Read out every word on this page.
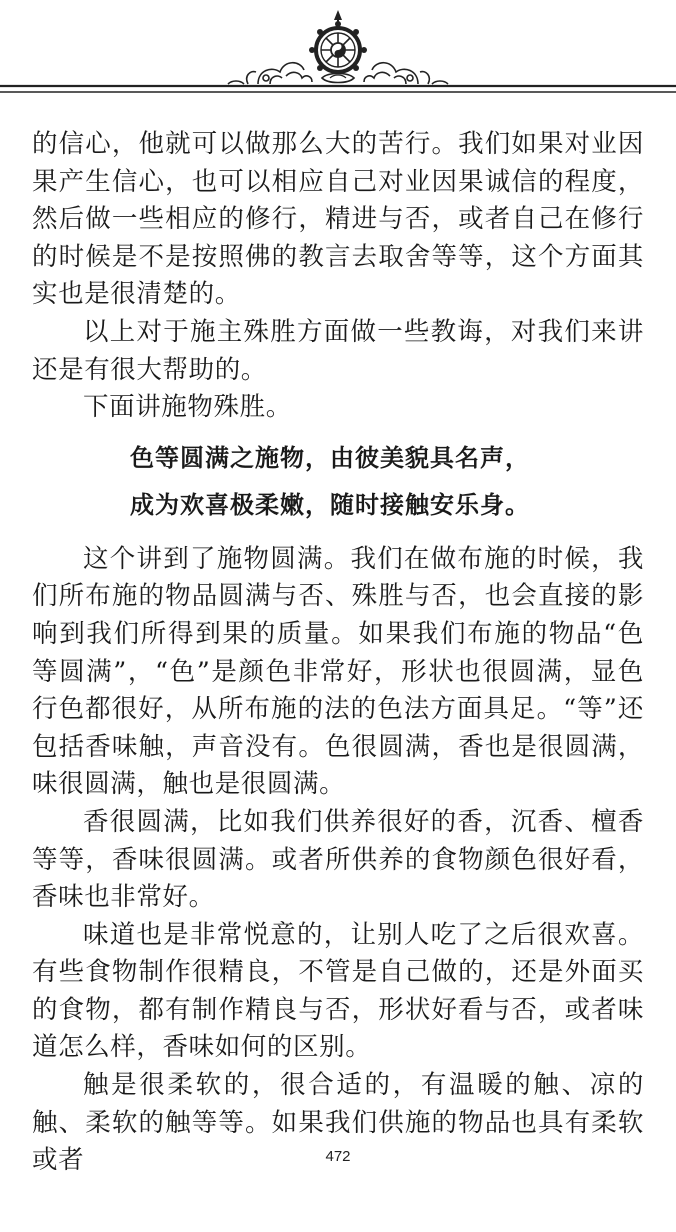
的信心，他就可以做那么大的苦行。我们如果对业因果产生信心，也可以相应自己对业因果诚信的程度，然后做一些相应的修行，精进与否，或者自己在修行的时候是不是按照佛的教言去取舍等等，这个方面其实也是很清楚的。

以上对于施主殊胜方面做一些教诲，对我们来讲还是有很大帮助的。

下面讲施物殊胜。

色等圆满之施物，由彼美貌具名声，

成为欢喜极柔嫩，随时接触安乐身。

这个讲到了施物圆满。我们在做布施的时候，我们所布施的物品圆满与否、殊胜与否，也会直接的影响到我们所得到果的质量。如果我们布施的物品“色等圆满”，“色”是颜色非常好，形状也很圆满，显色行色都很好，从所布施的法的色法方面具足。“等”还包括香味触，声音没有。色很圆满，香也是很圆满，味很圆满，触也是很圆满。

香很圆满，比如我们供养很好的香，沉香、檀香等等，香味很圆满。或者所供养的食物颜色很好看，香味也非常好。

味道也是非常悦意的，让别人吃了之后很欢喜。有些食物制作很精良，不管是自己做的，还是外面买的食物，都有制作精良与否，形状好看与否，或者味道怎么样，香味如何的区别。

触是很柔软的，很合适的，有温暖的触、凉的触、柔软的触等等。如果我们供施的物品也具有柔软或者	472
